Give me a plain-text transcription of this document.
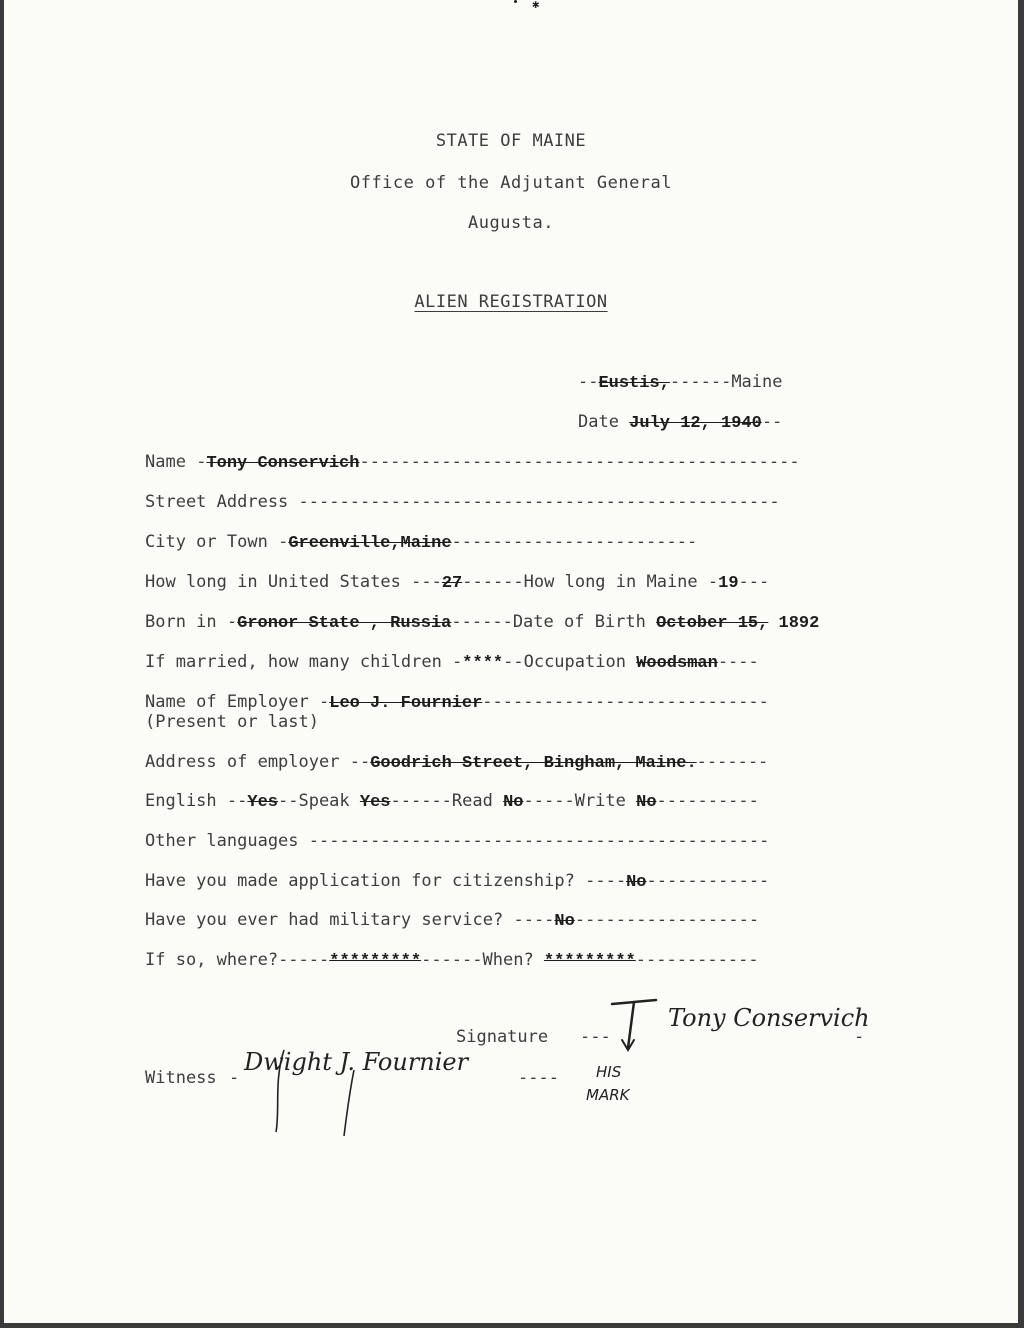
✱
STATE OF MAINE
Office of the Adjutant General
Augusta.
ALIEN REGISTRATION
--Eustis,------Maine
Date July 12, 1940--
Name -Tony Conservich-------------------------------------------
Street Address -----------------------------------------------
City or Town -Greenville,Maine------------------------
How long in United States ---27------How long in Maine -19---
Born in -Gronor State , Russia------Date of Birth October 15, 1892
If married, how many children -****--Occupation Woodsman----
Name of Employer -Leo J. Fournier----------------------------
(Present or last)
Address of employer --Goodrich Street, Bingham, Maine.-------
English --Yes--Speak Yes------Read No-----Write No----------
Other languages ---------------------------------------------
Have you made application for citizenship? ----No------------
Have you ever had military service? ----No------------------
If so, where?-----*********------When? *********------------
Signature ---
Tony Conservich
-
HIS
MARK
Witness -
Dwight J. Fournier
----
